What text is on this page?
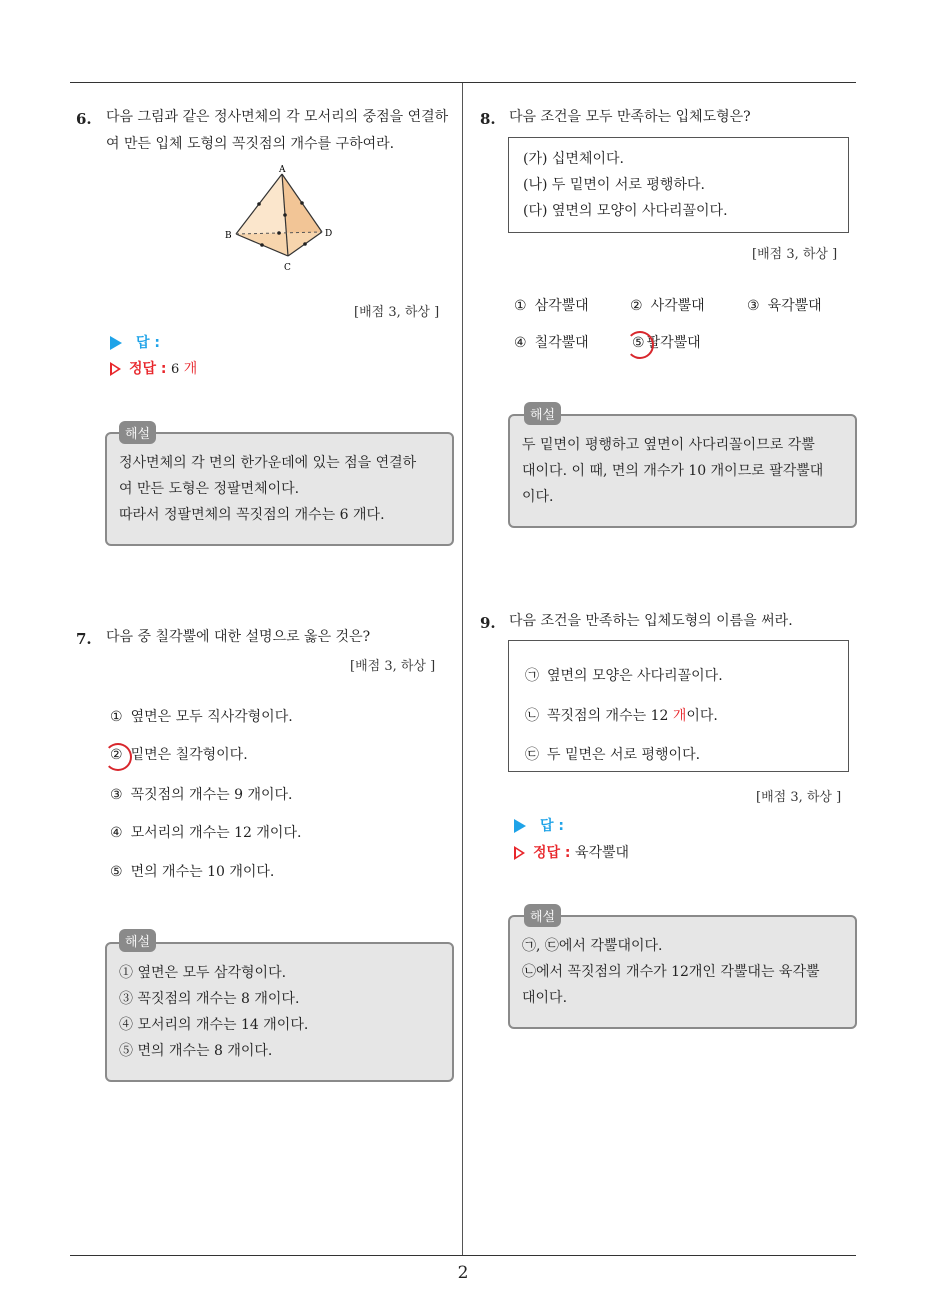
2
6. 다음 그림과 같은 정사면체의 각 모서리의 중점을 연결하여 만든 입체 도형의 꼭짓점의 개수를 구하여라.
A
B
C
D
[배점 3, 하상 ]
답 :
정답 : 6 개
정사면체의 각 면의 한가운데에 있는 점을 연결하
여 만든 도형은 정팔면체이다.
따라서 정팔면체의 꼭짓점의 개수는 6 개다.
해설
7. 다음 중 칠각뿔에 대한 설명으로 옳은 것은?
[배점 3, 하상 ]
① 옆면은 모두 직사각형이다.
② 밑면은 칠각형이다.
③ 꼭짓점의 개수는 9 개이다.
④ 모서리의 개수는 12 개이다.
⑤ 면의 개수는 10 개이다.
① 옆면은 모두 삼각형이다.
③ 꼭짓점의 개수는 8 개이다.
④ 모서리의 개수는 14 개이다.
⑤ 면의 개수는 8 개이다.
해설
8. 다음 조건을 모두 만족하는 입체도형은?
(가) 십면체이다.
(나) 두 밑면이 서로 평행하다.
(다) 옆면의 모양이 사다리꼴이다.
[배점 3, 하상 ]
① 삼각뿔대	② 사각뿔대	③ 육각뿔대
④ 칠각뿔대	⑤ 팔각뿔대
두 밑면이 평행하고 옆면이 사다리꼴이므로 각뿔
대이다. 이 때, 면의 개수가 10 개이므로 팔각뿔대
이다.
해설
9. 다음 조건을 만족하는 입체도형의 이름을 써라.
㉠ 옆면의 모양은 사다리꼴이다.
㉡ 꼭짓점의 개수는 12 개이다.
㉢ 두 밑면은 서로 평행이다.
[배점 3, 하상 ]
답 :
정답 : 육각뿔대
㉠, ㉢에서 각뿔대이다.
㉡에서 꼭짓점의 개수가 12개인 각뿔대는 육각뿔
대이다.
해설
